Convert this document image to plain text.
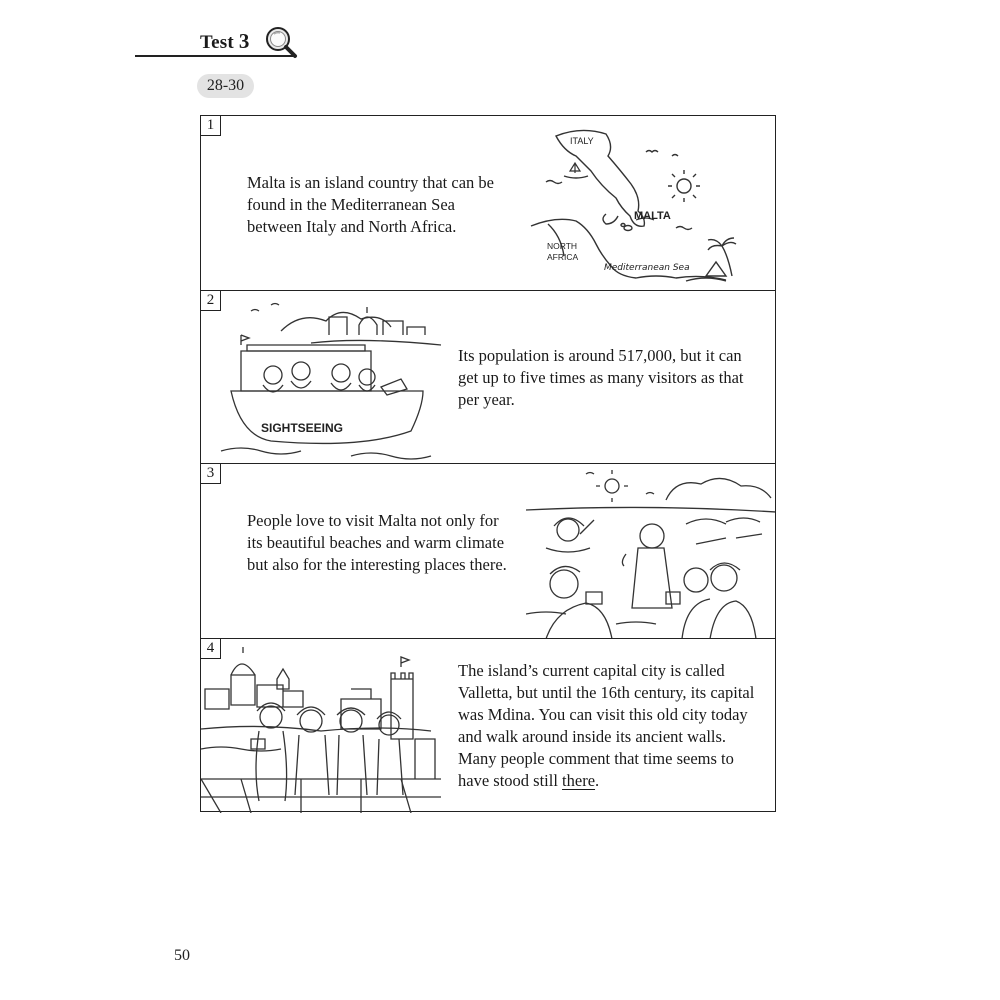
Test 3
28-30
1
Malta is an island country that can be found in the Mediterranean Sea between Italy and North Africa.
ITALY
MALTA
NORTH
AFRICA
Mediterranean Sea
2
SIGHTSEEING
Its population is around 517,000, but it can get up to five times as many visitors as that per year.
3
People love to visit Malta not only for its beautiful beaches and warm climate but also for the interesting places there.
4
The island’s current capital city is called Valletta, but until the 16th century, its capital was Mdina. You can visit this old city today and walk around inside its ancient walls. Many people comment that time seems to have stood still there.
50
